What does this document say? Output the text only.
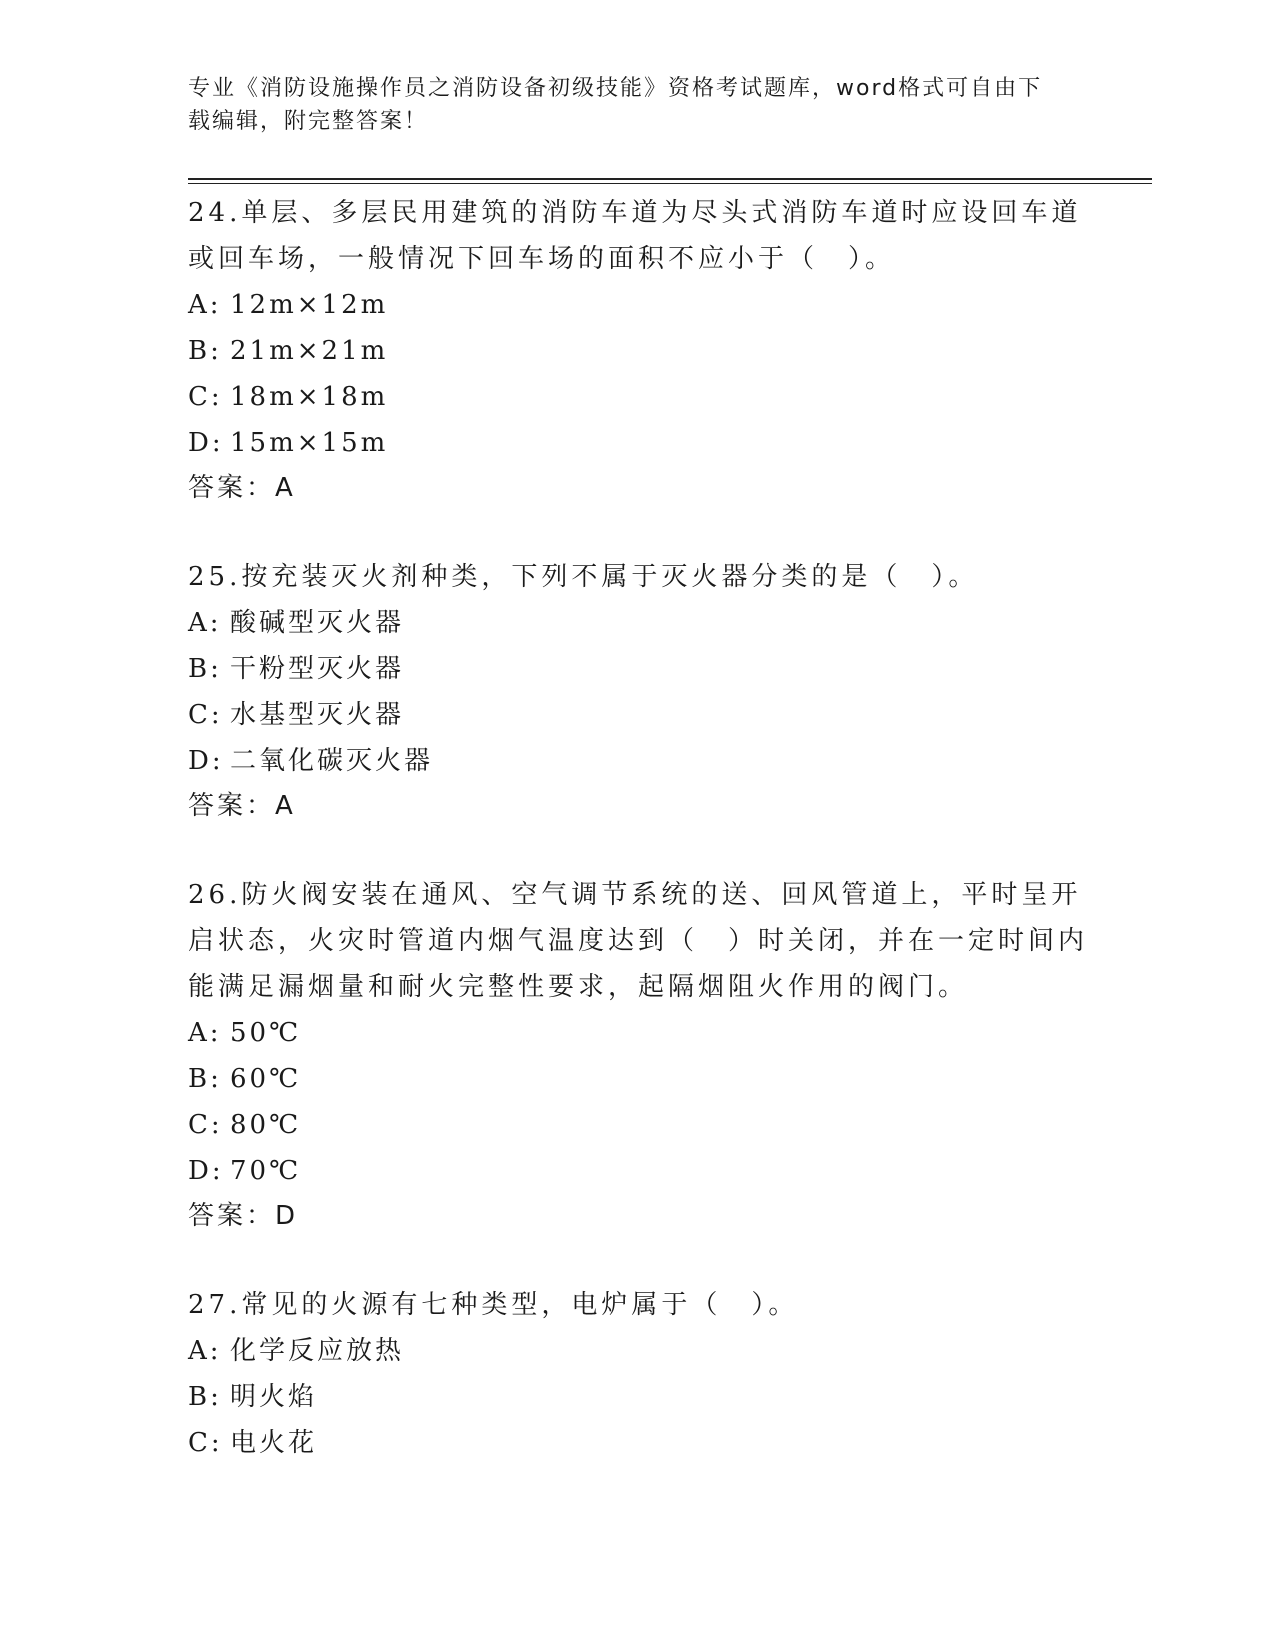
专业《消防设施操作员之消防设备初级技能》资格考试题库，word格式可自由下
载编辑，附完整答案！

24.单层、多层民用建筑的消防车道为尽头式消防车道时应设回车道或回车场，一般情况下回车场的面积不应小于（　）。

A: 12m×12m

B: 21m×21m

C: 18m×18m

D: 15m×15m

答案：A

25.按充装灭火剂种类，下列不属于灭火器分类的是（　）。

A: 酸碱型灭火器

B: 干粉型灭火器

C: 水基型灭火器

D: 二氧化碳灭火器

答案：A

26.防火阀安装在通风、空气调节系统的送、回风管道上，平时呈开启状态，火灾时管道内烟气温度达到（　）时关闭，并在一定时间内能满足漏烟量和耐火完整性要求，起隔烟阻火作用的阀门。

A: 50℃

B: 60℃

C: 80℃

D: 70℃

答案：D

27.常见的火源有七种类型，电炉属于（　）。

A: 化学反应放热

B: 明火焰

C: 电火花
